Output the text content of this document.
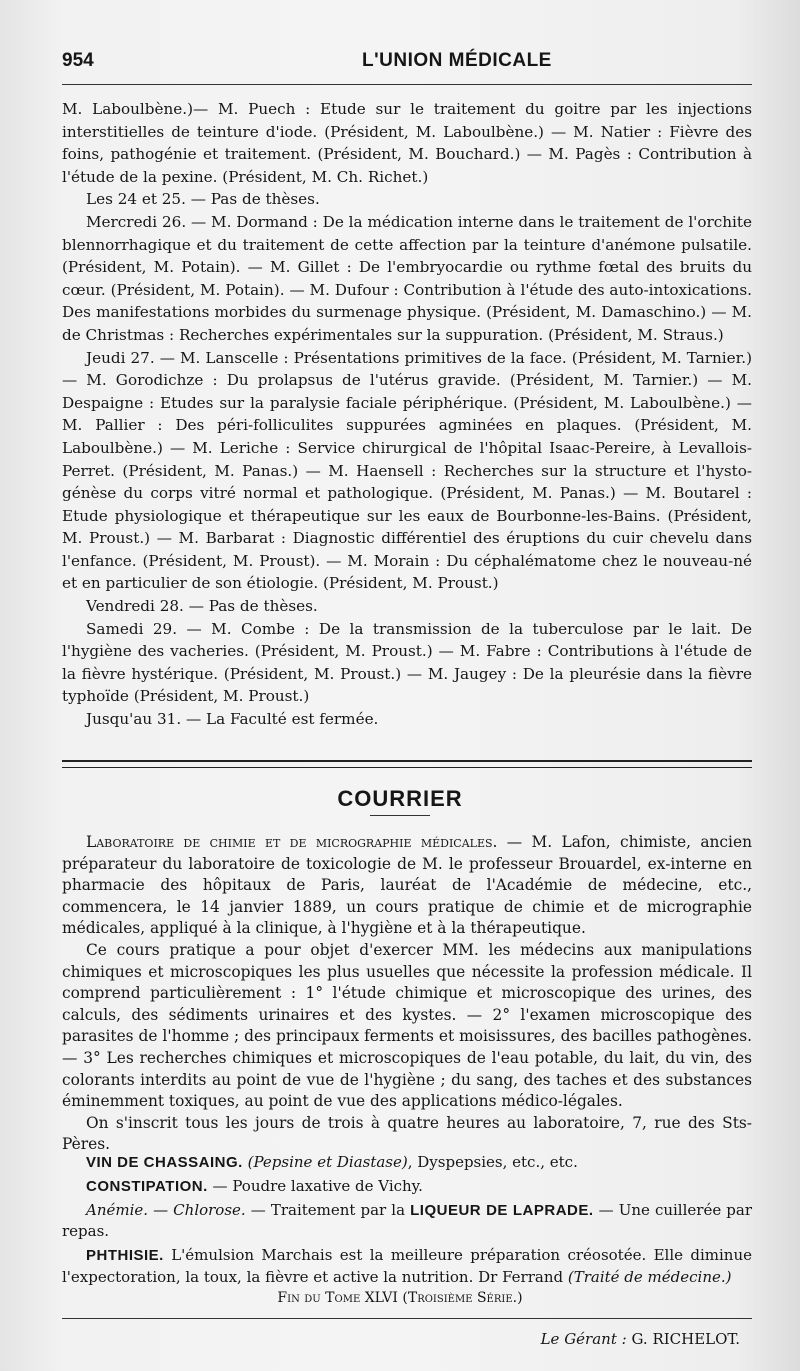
954	L'UNION MÉDICALE

M. Laboulbène.)— M. Puech : Etude sur le traitement du goitre par les injections interstitielles de teinture d'iode. (Président, M. Laboulbène.) — M. Natier : Fièvre des foins, pathogénie et traitement. (Président, M. Bouchard.) — M. Pagès : Contribution à l'étude de la pexine. (Président, M. Ch. Richet.)

Les 24 et 25. — Pas de thèses.

Mercredi 26. — M. Dormand : De la médication interne dans le traitement de l'orchite blennorrhagique et du traitement de cette affection par la teinture d'anémone pulsatile. (Président, M. Potain). — M. Gillet : De l'embryocardie ou rythme fœtal des bruits du cœur. (Président, M. Potain). — M. Dufour : Contribution à l'étude des auto-intoxications. Des manifestations morbides du surmenage physique. (Président, M. Damaschino.) — M. de Christmas : Recherches expérimentales sur la suppuration. (Président, M. Straus.)

Jeudi 27. — M. Lanscelle : Présentations primitives de la face. (Président, M. Tarnier.) — M. Gorodichze : Du prolapsus de l'utérus gravide. (Président, M. Tarnier.) — M. Despaigne : Etudes sur la paralysie faciale périphérique. (Président, M. Laboulbène.) — M. Pallier : Des péri-folliculites suppurées agminées en plaques. (Président, M. Laboulbène.) — M. Leriche : Service chirurgical de l'hôpital Isaac-Pereire, à Levallois-Perret. (Président, M. Panas.) — M. Haensell : Recherches sur la structure et l'hysto-génèse du corps vitré normal et pathologique. (Président, M. Panas.) — M. Boutarel : Etude physiologique et thérapeutique sur les eaux de Bourbonne-les-Bains. (Président, M. Proust.) — M. Barbarat : Diagnostic différentiel des éruptions du cuir chevelu dans l'enfance. (Président, M. Proust). — M. Morain : Du céphalématome chez le nouveau-né et en particulier de son étiologie. (Président, M. Proust.)

Vendredi 28. — Pas de thèses.

Samedi 29. — M. Combe : De la transmission de la tuberculose par le lait. De l'hygiène des vacheries. (Président, M. Proust.) — M. Fabre : Contributions à l'étude de la fièvre hystérique. (Président, M. Proust.) — M. Jaugey : De la pleurésie dans la fièvre typhoïde (Président, M. Proust.)

Jusqu'au 31. — La Faculté est fermée.

COURRIER

Laboratoire de chimie et de micrographie médicales. — M. Lafon, chimiste, ancien préparateur du laboratoire de toxicologie de M. le professeur Brouardel, ex-interne en pharmacie des hôpitaux de Paris, lauréat de l'Académie de médecine, etc., commencera, le 14 janvier 1889, un cours pratique de chimie et de micrographie médicales, appliqué à la clinique, à l'hygiène et à la thérapeutique.

Ce cours pratique a pour objet d'exercer MM. les médecins aux manipulations chimiques et microscopiques les plus usuelles que nécessite la profession médicale. Il comprend particulièrement : 1° l'étude chimique et microscopique des urines, des calculs, des sédiments urinaires et des kystes. — 2° l'examen microscopique des parasites de l'homme ; des principaux ferments et moisissures, des bacilles pathogènes. — 3° Les recherches chimiques et microscopiques de l'eau potable, du lait, du vin, des colorants interdits au point de vue de l'hygiène ; du sang, des taches et des substances éminemment toxiques, au point de vue des applications médico-légales.

On s'inscrit tous les jours de trois à quatre heures au laboratoire, 7, rue des Sts-Pères.

VIN DE CHASSAING. (Pepsine et Diastase), Dyspepsies, etc., etc.

CONSTIPATION. — Poudre laxative de Vichy.

Anémie. — Chlorose. — Traitement par la LIQUEUR DE LAPRADE. — Une cuillerée par repas.

PHTHISIE. L'émulsion Marchais est la meilleure préparation créosotée. Elle diminue l'expectoration, la toux, la fièvre et active la nutrition. Dr Ferrand (Traité de médecine.)

Fin du Tome XLVI (Troisième Série.)
Le Gérant : G. RICHELOT.
